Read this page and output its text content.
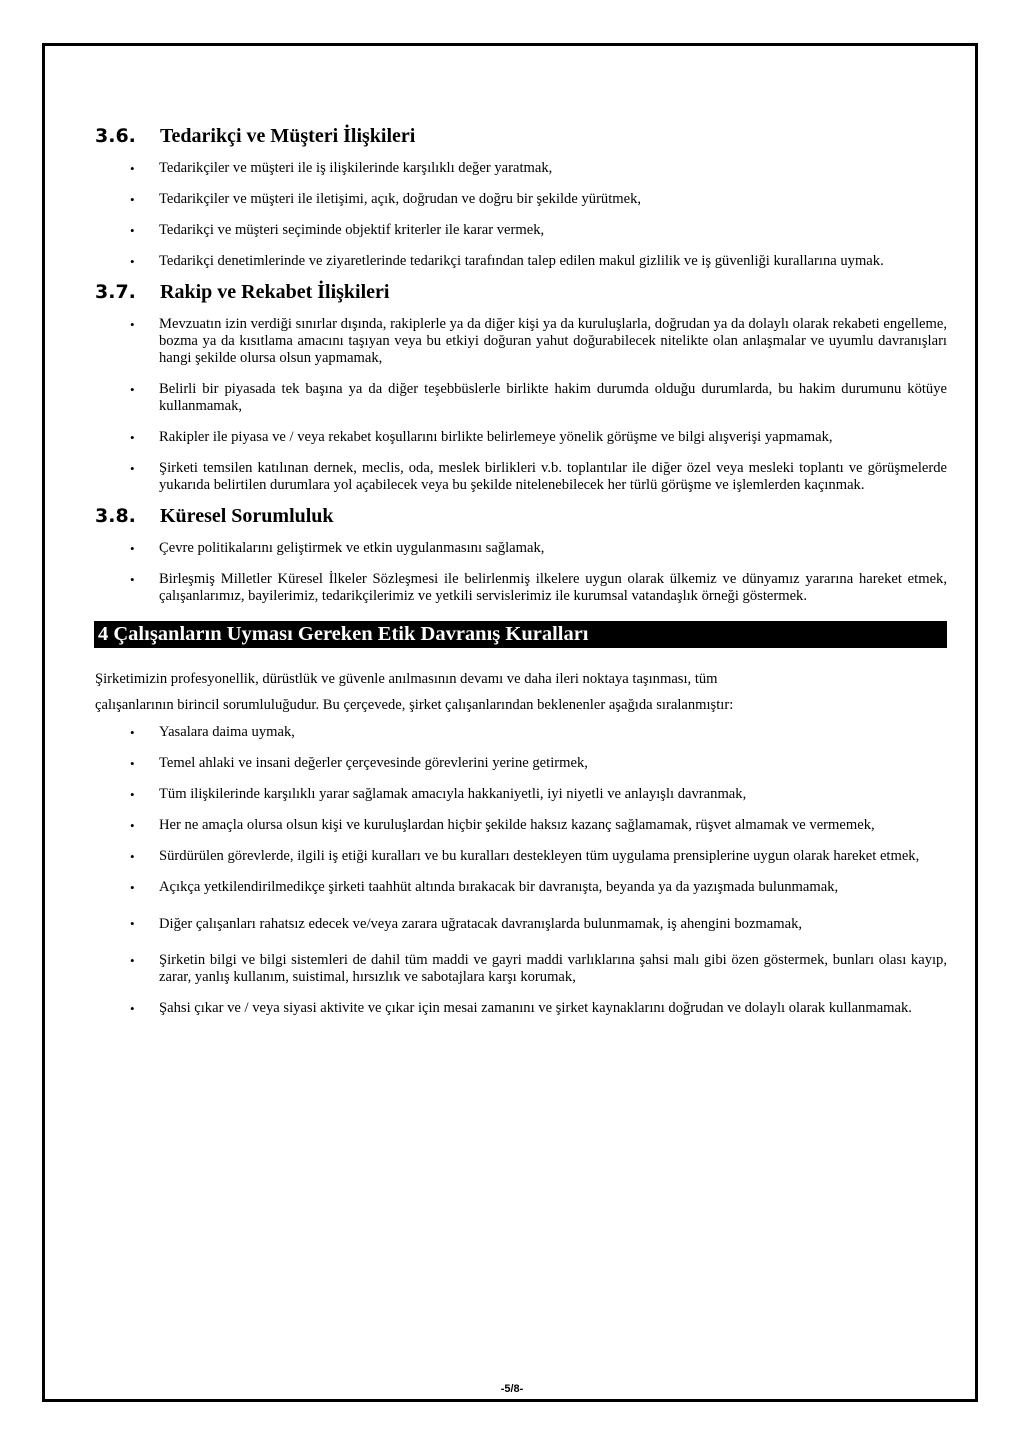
3.6.	Tedarikçi ve Müşteri İlişkileri
• Tedarikçiler ve müşteri ile iş ilişkilerinde karşılıklı değer yaratmak,
• Tedarikçiler ve müşteri ile iletişimi, açık, doğrudan ve doğru bir şekilde yürütmek,
• Tedarikçi ve müşteri seçiminde objektif kriterler ile karar vermek,
• Tedarikçi denetimlerinde ve ziyaretlerinde tedarikçi tarafından talep edilen makul gizlilik ve iş güvenliği kurallarına uymak.
3.7.	Rakip ve Rekabet İlişkileri
• Mevzuatın izin verdiği sınırlar dışında, rakiplerle ya da diğer kişi ya da kuruluşlarla, doğrudan ya da dolaylı olarak rekabeti engelleme, bozma ya da kısıtlama amacını taşıyan veya bu etkiyi doğuran yahut doğurabilecek nitelikte olan anlaşmalar ve uyumlu davranışları hangi şekilde olursa olsun yapmamak,
• Belirli bir piyasada tek başına ya da diğer teşebbüslerle birlikte hakim durumda olduğu durumlarda, bu hakim durumunu kötüye kullanmamak,
• Rakipler ile piyasa ve / veya rekabet koşullarını birlikte belirlemeye yönelik görüşme ve bilgi alışverişi yapmamak,
• Şirketi temsilen katılınan dernek, meclis, oda, meslek birlikleri v.b. toplantılar ile diğer özel veya mesleki toplantı ve görüşmelerde yukarıda belirtilen durumlara yol açabilecek veya bu şekilde nitelenebilecek her türlü görüşme ve işlemlerden kaçınmak.
3.8.	Küresel Sorumluluk
• Çevre politikalarını geliştirmek ve etkin uygulanmasını sağlamak,
• Birleşmiş Milletler Küresel İlkeler Sözleşmesi ile belirlenmiş ilkelere uygun olarak ülkemiz ve dünyamız yararına hareket etmek, çalışanlarımız, bayilerimiz, tedarikçilerimiz ve yetkili servislerimiz ile kurumsal vatandaşlık örneği göstermek.
4 Çalışanların Uyması Gereken Etik Davranış Kuralları

Şirketimizin profesyonellik, dürüstlük ve güvenle anılmasının devamı ve daha ileri noktaya taşınması, tüm

çalışanlarının birincil sorumluluğudur. Bu çerçevede, şirket çalışanlarından beklenenler aşağıda sıralanmıştır:

• Yasalara daima uymak,
• Temel ahlaki ve insani değerler çerçevesinde görevlerini yerine getirmek,
• Tüm ilişkilerinde karşılıklı yarar sağlamak amacıyla hakkaniyetli, iyi niyetli ve anlayışlı davranmak,
• Her ne amaçla olursa olsun kişi ve kuruluşlardan hiçbir şekilde haksız kazanç sağlamamak, rüşvet almamak ve vermemek,
• Sürdürülen görevlerde, ilgili iş etiği kuralları ve bu kuralları destekleyen tüm uygulama prensiplerine uygun olarak hareket etmek,
• Açıkça yetkilendirilmedikçe şirketi taahhüt altında bırakacak bir davranışta, beyanda ya da yazışmada bulunmamak,
• Diğer çalışanları rahatsız edecek ve/veya zarara uğratacak davranışlarda bulunmamak, iş ahengini bozmamak,
• Şirketin bilgi ve bilgi sistemleri de dahil tüm maddi ve gayri maddi varlıklarına şahsi malı gibi özen göstermek, bunları olası kayıp, zarar, yanlış kullanım, suistimal, hırsızlık ve sabotajlara karşı korumak,
• Şahsi çıkar ve / veya siyasi aktivite ve çıkar için mesai zamanını ve şirket kaynaklarını doğrudan ve dolaylı olarak kullanmamak.
-5/8-
